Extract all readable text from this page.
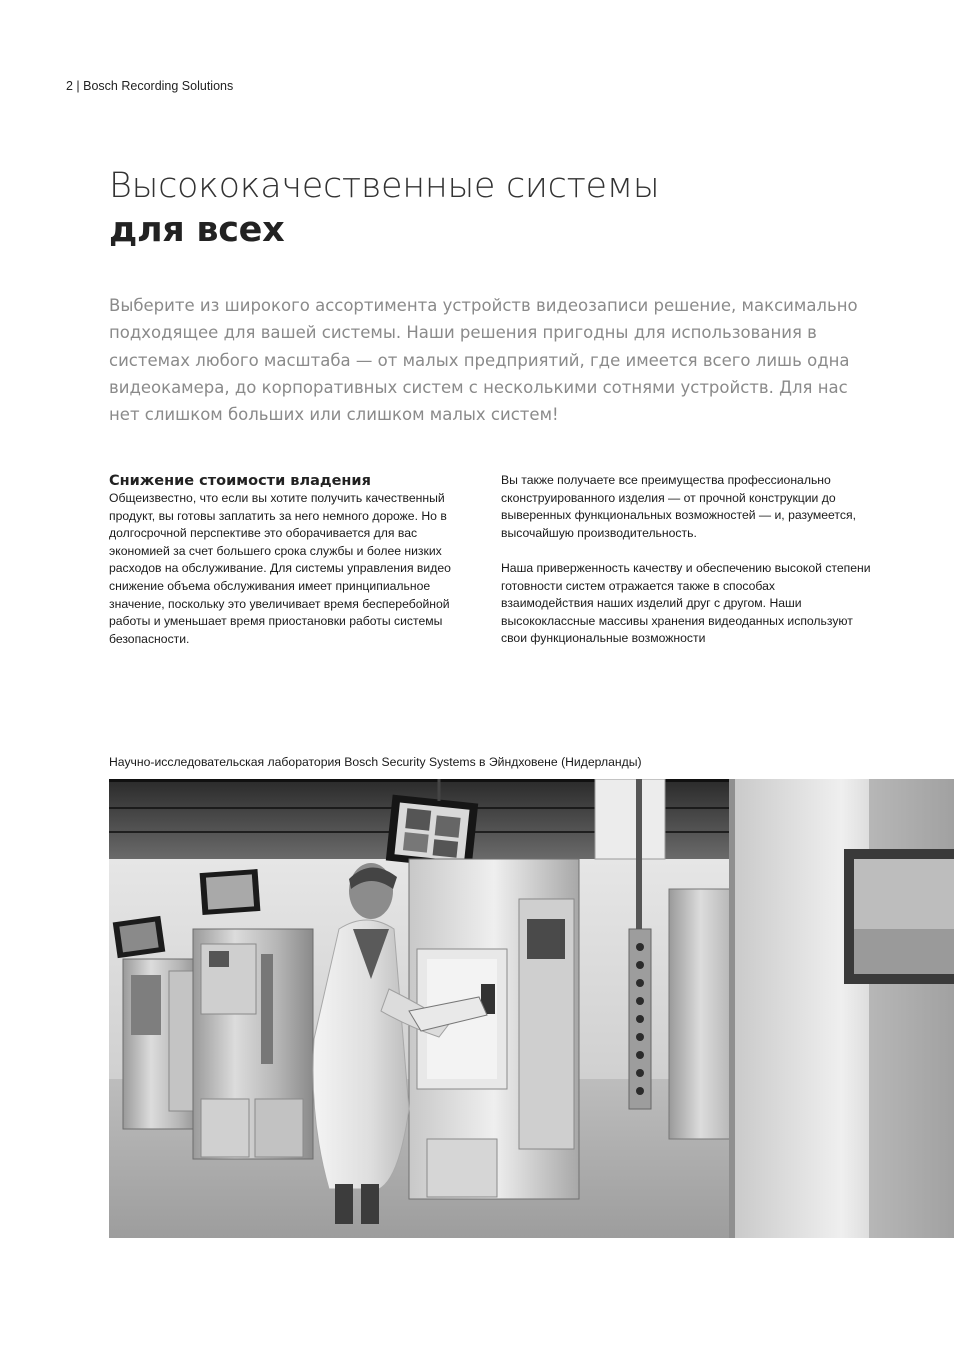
2 | Bosch Recording Solutions
Высококачественные системы
для всех

Выберите из широкого ассортимента устройств видеозаписи решение, максимально подходящее для вашей системы. Наши решения пригодны для использования в системах любого масштаба — от малых предприятий, где имеется всего лишь одна видеокамера, до корпоративных систем с несколькими сотнями устройств. Для нас нет слишком больших или слишком малых систем!

Снижение стоимости владения

Общеизвестно, что если вы хотите получить качественный продукт, вы готовы заплатить за него немного дороже. Но в долгосрочной перспективе это оборачивается для вас экономией за счет большего срока службы и более низких расходов на обслуживание. Для системы управления видео снижение объема обслуживания имеет принципиальное значение, поскольку это увеличивает время бесперебойной работы и уменьшает время приостановки работы системы безопасности.

Вы также получаете все преимущества профессионально сконструированного изделия — от прочной конструкции до выверенных функциональных возможностей — и, разумеется, высочайшую производительность.

Наша приверженность качеству и обеспечению высокой степени готовности систем отражается также в способах взаимодействия наших изделий друг с другом. Наши высококлассные массивы хранения видеоданных используют свои функциональные возможности

Научно-исследовательская лаборатория Bosch Security Systems в Эйндховене (Нидерланды)
